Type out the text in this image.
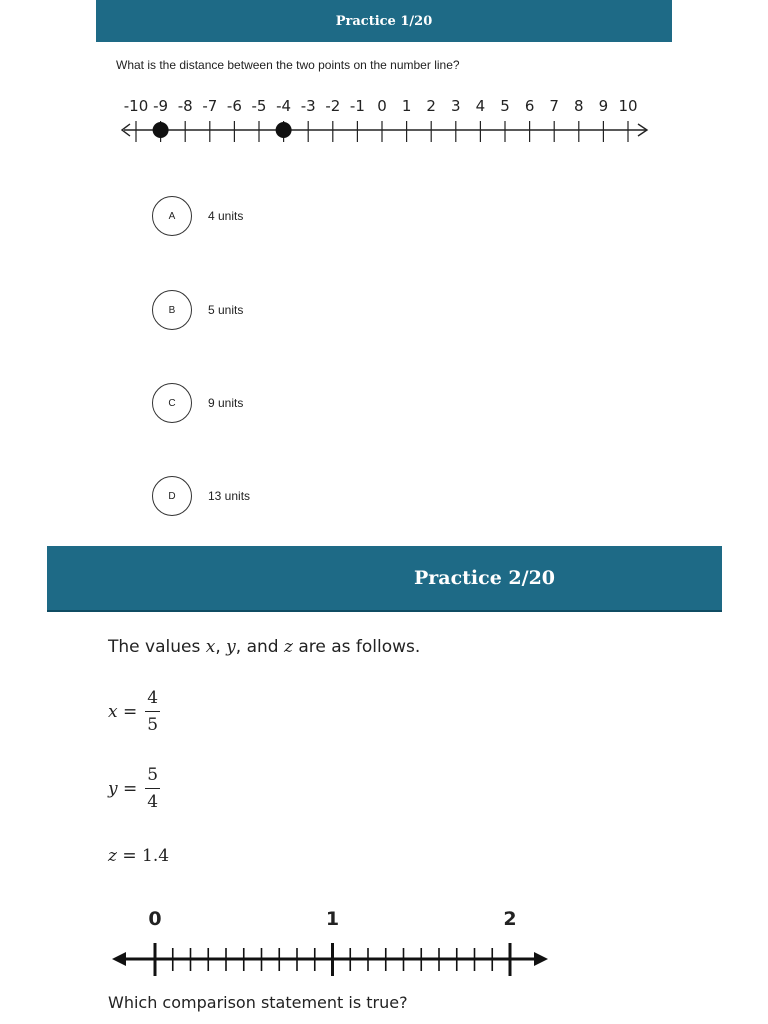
Practice 1/20
What is the distance between the two points on the number line?
-10 -9 -8 -7 -6 -5 -4 -3 -2 -1 0 1 2 3 4 5 6 7 8 9 10
A	4 units
B	5 units
C	9 units
D	13 units
Practice 2/20
The values x, y, and z are as follows.
$x = \frac{4}{5}$
$y = \frac{5}{4}$
z = 1.4
0	1	2
Which comparison statement is true?
